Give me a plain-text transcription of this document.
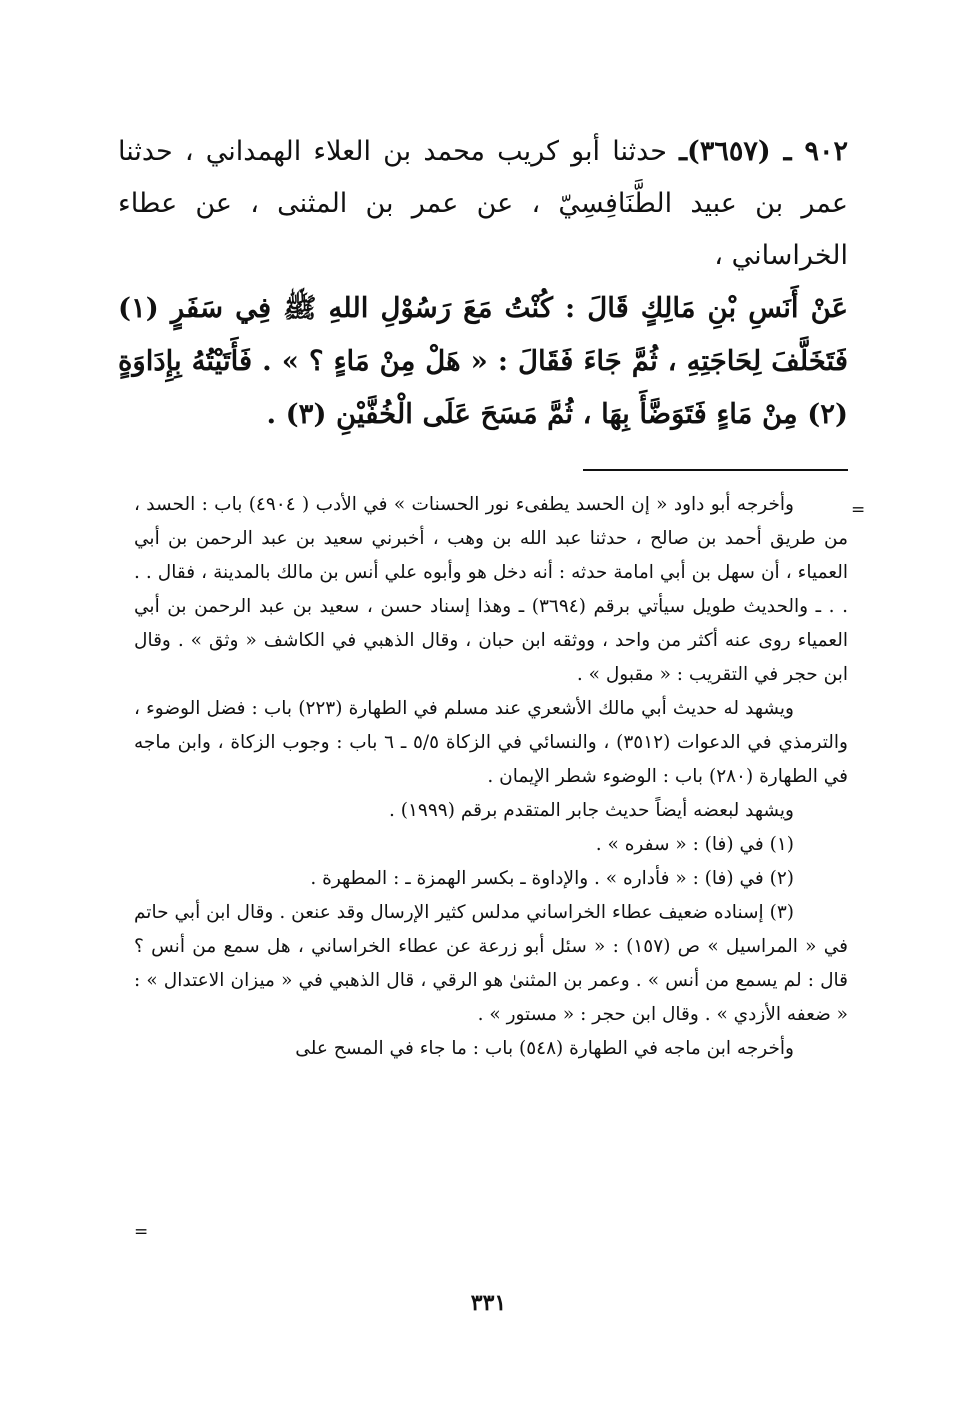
٩٠٢ ـ (٣٦٥٧)ـ حدثنا أبو كريب محمد بن العلاء الهمداني ، حدثنا عمر بن عبيد الطَّنَافِسِيّ ، عن عمر بن المثنى ، عن عطاء الخراساني ،

عَنْ أَنَسِ بْنِ مَالِكٍ قَالَ : كُنْتُ مَعَ رَسُوْلِ اللهِ ﷺ فِي سَفَرٍ (١) فَتَخَلَّفَ لِحَاجَتِهِ ، ثُمَّ جَاءَ فَقَالَ : « هَلْ مِنْ مَاءٍ ؟ » . فَأَتَيْتُهُ بِإِدَاوَةٍ (٢) مِنْ مَاءٍ فَتَوَضَّأَ بِهَا ، ثُمَّ مَسَحَ عَلَى الْخُفَّيْنِ (٣) .

=

وأخرجه أبو داود « إن الحسد يطفىء نور الحسنات » في الأدب ( ٤٩٠٤) باب : الحسد ، من طريق أحمد بن صالح ، حدثنا عبد الله بن وهب ، أخبرني سعيد بن عبد الرحمن بن أبي العمياء ، أن سهل بن أبي امامة حدثه : أنه دخل هو وأبوه علي أنس بن مالك بالمدينة ، فقال . . . . ـ والحديث طويل سيأتي برقم (٣٦٩٤) ـ وهذا إسناد حسن ، سعيد بن عبد الرحمن بن أبي العمياء روى عنه أكثر من واحد ، ووثقه ابن حبان ، وقال الذهبي في الكاشف « وثق » . وقال ابن حجر في التقريب : « مقبول » .

ويشهد له حديث أبي مالك الأشعري عند مسلم في الطهارة (٢٢٣) باب : فضل الوضوء ، والترمذي في الدعوات (٣٥١٢) ، والنسائي في الزكاة ٥/٥ ـ ٦ باب : وجوب الزكاة ، وابن ماجه في الطهارة (٢٨٠) باب : الوضوء شطر الإيمان .

ويشهد لبعضه أيضاً حديث جابر المتقدم برقم (١٩٩٩) .

(١) في (فا) : « سفره » .

(٢) في (فا) : « فأداره » . والإداوة ـ بكسر الهمزة ـ : المطهرة .

(٣) إسناده ضعيف عطاء الخراساني مدلس كثير الإرسال وقد عنعن . وقال ابن أبي حاتم في « المراسيل » ص (١٥٧) : « سئل أبو زرعة عن عطاء الخراساني ، هل سمع من أنس ؟ قال : لم يسمع من أنس » . وعمر بن المثنىٰ هو الرقي ، قال الذهبي في « ميزان الاعتدال » : « ضعفه الأزدي » . وقال ابن حجر : « مستور » .

وأخرجه ابن ماجه في الطهارة (٥٤٨) باب : ما جاء في المسح على

=
٣٣١
